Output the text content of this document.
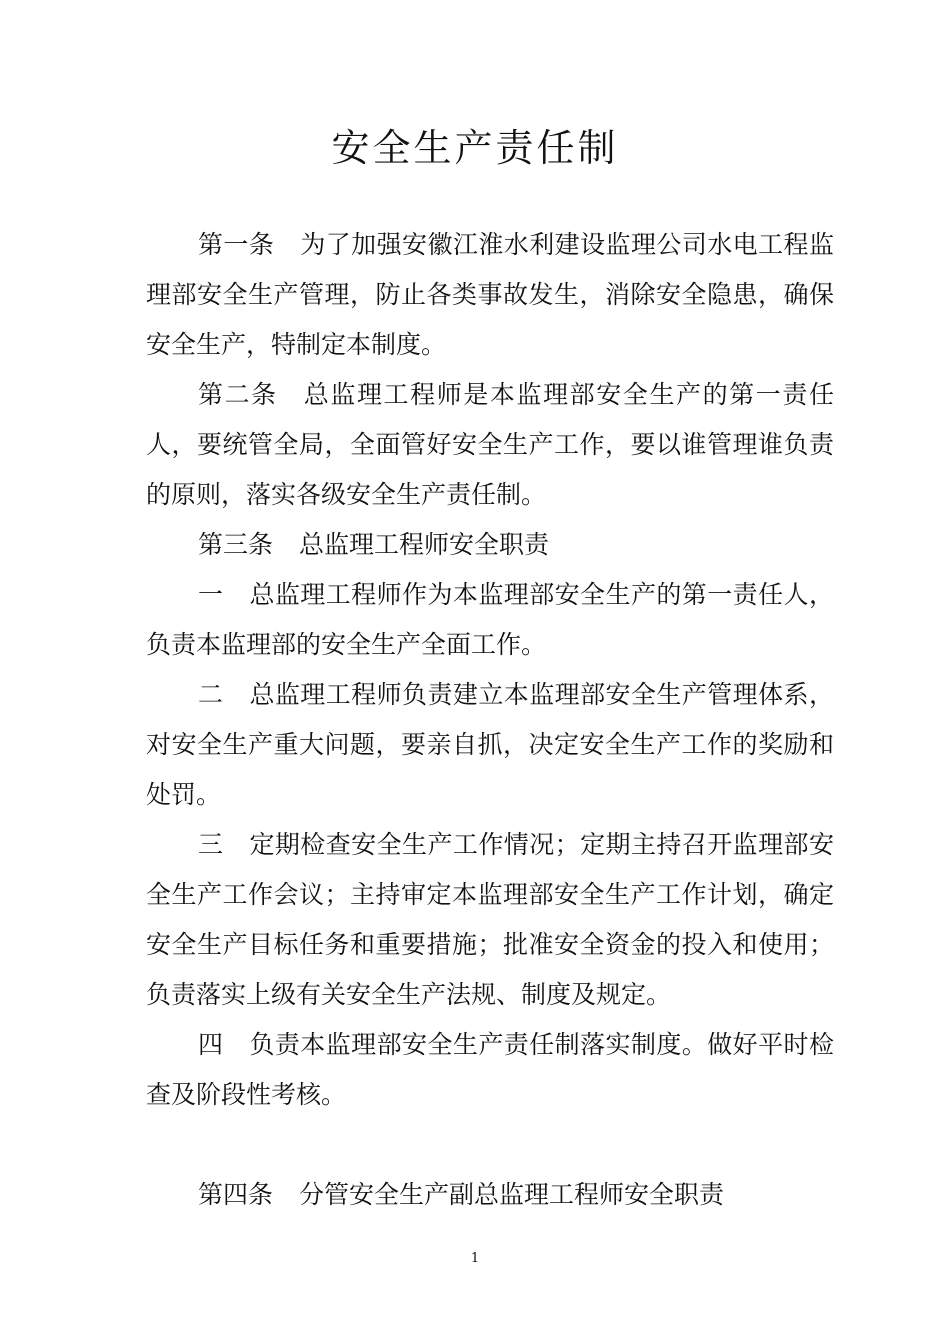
安全生产责任制

第一条 为了加强安徽江淮水利建设监理公司水电工程监理部安全生产管理，防止各类事故发生，消除安全隐患，确保安全生产，特制定本制度。

第二条 总监理工程师是本监理部安全生产的第一责任人，要统管全局，全面管好安全生产工作，要以谁管理谁负责的原则，落实各级安全生产责任制。

第三条 总监理工程师安全职责

一 总监理工程师作为本监理部安全生产的第一责任人，负责本监理部的安全生产全面工作。

二 总监理工程师负责建立本监理部安全生产管理体系，对安全生产重大问题，要亲自抓，决定安全生产工作的奖励和处罚。

三 定期检查安全生产工作情况；定期主持召开监理部安全生产工作会议；主持审定本监理部安全生产工作计划，确定安全生产目标任务和重要措施；批准安全资金的投入和使用；负责落实上级有关安全生产法规、制度及规定。

四 负责本监理部安全生产责任制落实制度。做好平时检查及阶段性考核。

第四条 分管安全生产副总监理工程师安全职责

1
